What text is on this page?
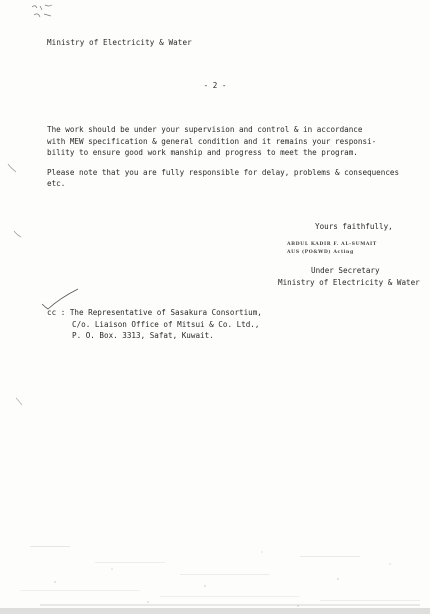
Ministry of Electricity & Water
- 2 -

The work should be under your supervision and control & in accordance
with MEW specification & general condition and it remains your responsi-
bility to ensure good work manship and progress to meet the program.

Please note that you are fully responsible for delay, problems & consequences
etc.

Yours faithfully,
ABDUL KADIR F. AL-SUMAIT
AUS (PO&WD) Acting
Under Secretary
Ministry of Electricity & Water
cc : The Representative of Sasakura Consortium,
C/o. Liaison Office of Mitsui & Co. Ltd.,
P. O. Box. 3313, Safat, Kuwait.
